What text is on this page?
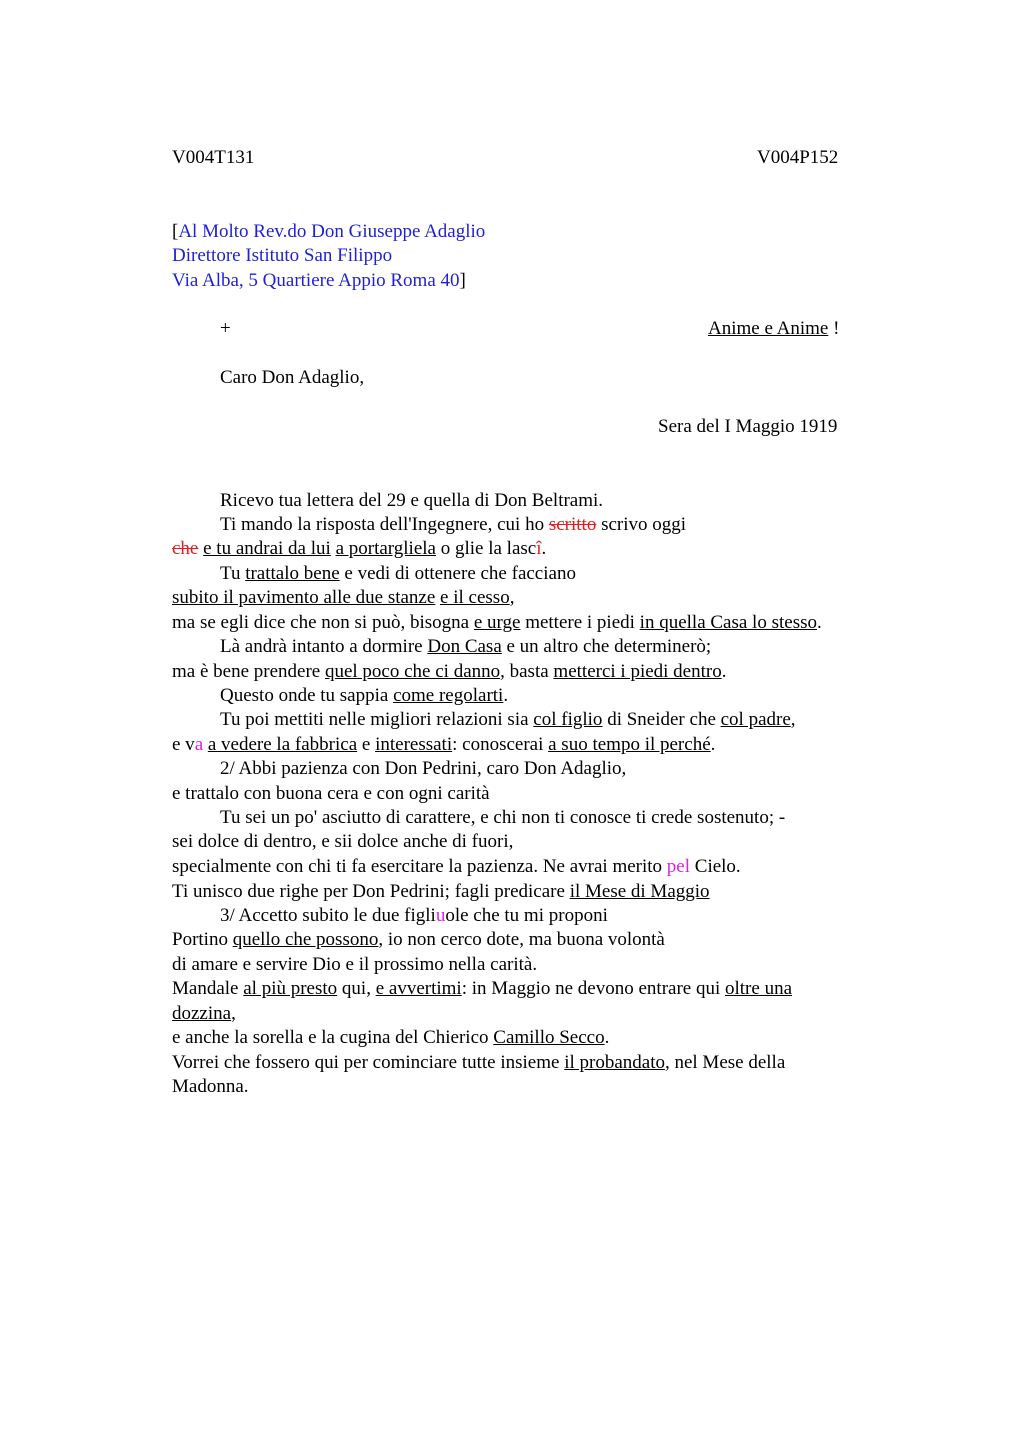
V004T131	V004P152
[Al Molto Rev.do Don Giuseppe Adaglio
Direttore Istituto San Filippo
Via Alba, 5 Quartiere Appio Roma 40]
+	Anime e Anime !
Caro Don Adaglio,
Sera del I Maggio 1919
Ricevo tua lettera del 29 e quella di Don Beltrami.
Ti mando la risposta dell'Ingegnere, cui ho scritto scrivo oggi
che e tu andrai da lui a portargliela o glie la lascî.
Tu trattalo bene e vedi di ottenere che facciano
subito il pavimento alle due stanze e il cesso,
ma se egli dice che non si può, bisogna e urge mettere i piedi in quella Casa lo stesso.
Là andrà intanto a dormire Don Casa e un altro che determinerò;
ma è bene prendere quel poco che ci danno, basta metterci i piedi dentro.
Questo onde tu sappia come regolarti.
Tu poi mettiti nelle migliori relazioni sia col figlio di Sneider che col padre,
e va a vedere la fabbrica e interessati: conoscerai a suo tempo il perché.
2/ Abbi pazienza con Don Pedrini, caro Don Adaglio,
e trattalo con buona cera e con ogni carità
Tu sei un po' asciutto di carattere, e chi non ti conosce ti crede sostenuto; -
sei dolce di dentro, e sii dolce anche di fuori,
specialmente con chi ti fa esercitare la pazienza. Ne avrai merito pel Cielo.
Ti unisco due righe per Don Pedrini; fagli predicare il Mese di Maggio
3/ Accetto subito le due figliuole che tu mi proponi
Portino quello che possono, io non cerco dote, ma buona volontà
di amare e servire Dio e il prossimo nella carità.
Mandale al più presto qui, e avvertimi: in Maggio ne devono entrare qui oltre una
dozzina,
e anche la sorella e la cugina del Chierico Camillo Secco.
Vorrei che fossero qui per cominciare tutte insieme il probandato, nel Mese della
Madonna.
